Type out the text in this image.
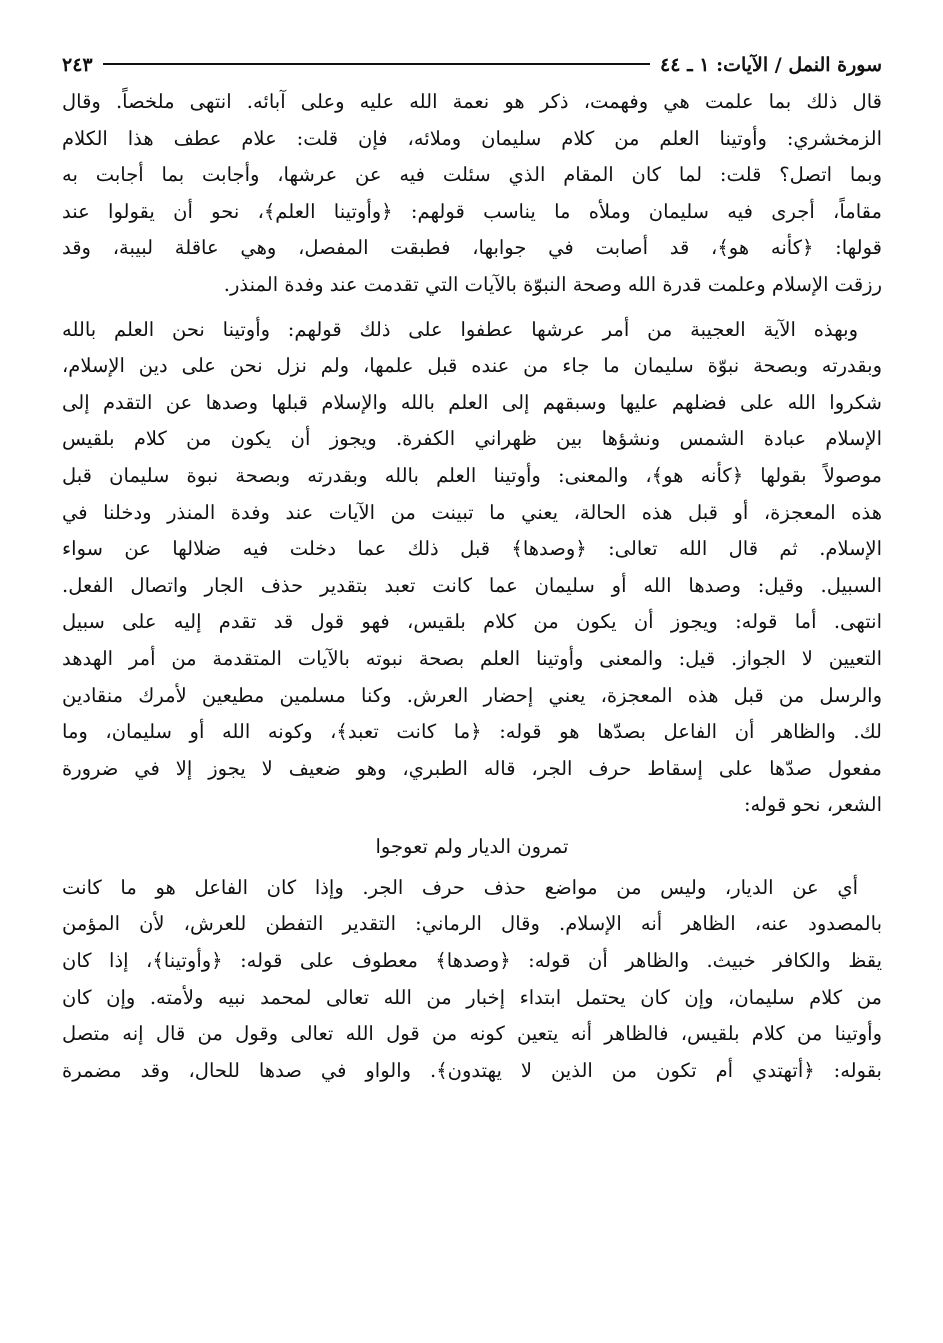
سورة النمل / الآيات: ١ ـ ٤٤
٢٤٣

قال ذلك بما علمت هي وفهمت، ذكر هو نعمة الله عليه وعلى آبائه. انتهى ملخصاً. وقال

الزمخشري: وأوتينا العلم من كلام سليمان وملائه، فإن قلت: علام عطف هذا الكلام

وبما اتصل؟ قلت: لما كان المقام الذي سئلت فيه عن عرشها، وأجابت بما أجابت به

مقاماً، أجرى فيه سليمان وملأه ما يناسب قولهم: ﴿وأوتينا العلم﴾، نحو أن يقولوا عند

قولها: ﴿كأنه هو﴾، قد أصابت في جوابها، فطبقت المفصل، وهي عاقلة لبيبة، وقد

رزقت الإسلام وعلمت قدرة الله وصحة النبوّة بالآيات التي تقدمت عند وفدة المنذر.

وبهذه الآية العجيبة من أمر عرشها عطفوا على ذلك قولهم: وأوتينا نحن العلم بالله

وبقدرته وبصحة نبوّة سليمان ما جاء من عنده قبل علمها، ولم نزل نحن على دين الإسلام،

شكروا الله على فضلهم عليها وسبقهم إلى العلم بالله والإسلام قبلها وصدها عن التقدم إلى

الإسلام عبادة الشمس ونشؤها بين ظهراني الكفرة. ويجوز أن يكون من كلام بلقيس

موصولاً بقولها ﴿كأنه هو﴾، والمعنى: وأوتينا العلم بالله وبقدرته وبصحة نبوة سليمان قبل

هذه المعجزة، أو قبل هذه الحالة، يعني ما تبينت من الآيات عند وفدة المنذر ودخلنا في

الإسلام. ثم قال الله تعالى: ﴿وصدها﴾ قبل ذلك عما دخلت فيه ضلالها عن سواء

السبيل. وقيل: وصدها الله أو سليمان عما كانت تعبد بتقدير حذف الجار واتصال الفعل.

انتهى. أما قوله: ويجوز أن يكون من كلام بلقيس، فهو قول قد تقدم إليه على سبيل

التعيين لا الجواز. قيل: والمعنى وأوتينا العلم بصحة نبوته بالآيات المتقدمة من أمر الهدهد

والرسل من قبل هذه المعجزة، يعني إحضار العرش. وكنا مسلمين مطيعين لأمرك منقادين

لك. والظاهر أن الفاعل بصدّها هو قوله: ﴿ما كانت تعبد﴾، وكونه الله أو سليمان، وما

مفعول صدّها على إسقاط حرف الجر، قاله الطبري، وهو ضعيف لا يجوز إلا في ضرورة

الشعر، نحو قوله:

تمرون الديار ولم تعوجوا

أي عن الديار، وليس من مواضع حذف حرف الجر. وإذا كان الفاعل هو ما كانت

بالمصدود عنه، الظاهر أنه الإسلام. وقال الرماني: التقدير التفطن للعرش، لأن المؤمن

يقظ والكافر خبيث. والظاهر أن قوله: ﴿وصدها﴾ معطوف على قوله: ﴿وأوتينا﴾، إذا كان

من كلام سليمان، وإن كان يحتمل ابتداء إخبار من الله تعالى لمحمد نبيه ولأمته. وإن كان

وأوتينا من كلام بلقيس، فالظاهر أنه يتعين كونه من قول الله تعالى وقول من قال إنه متصل

بقوله: ﴿أتهتدي أم تكون من الذين لا يهتدون﴾. والواو في صدها للحال، وقد مضمرة
